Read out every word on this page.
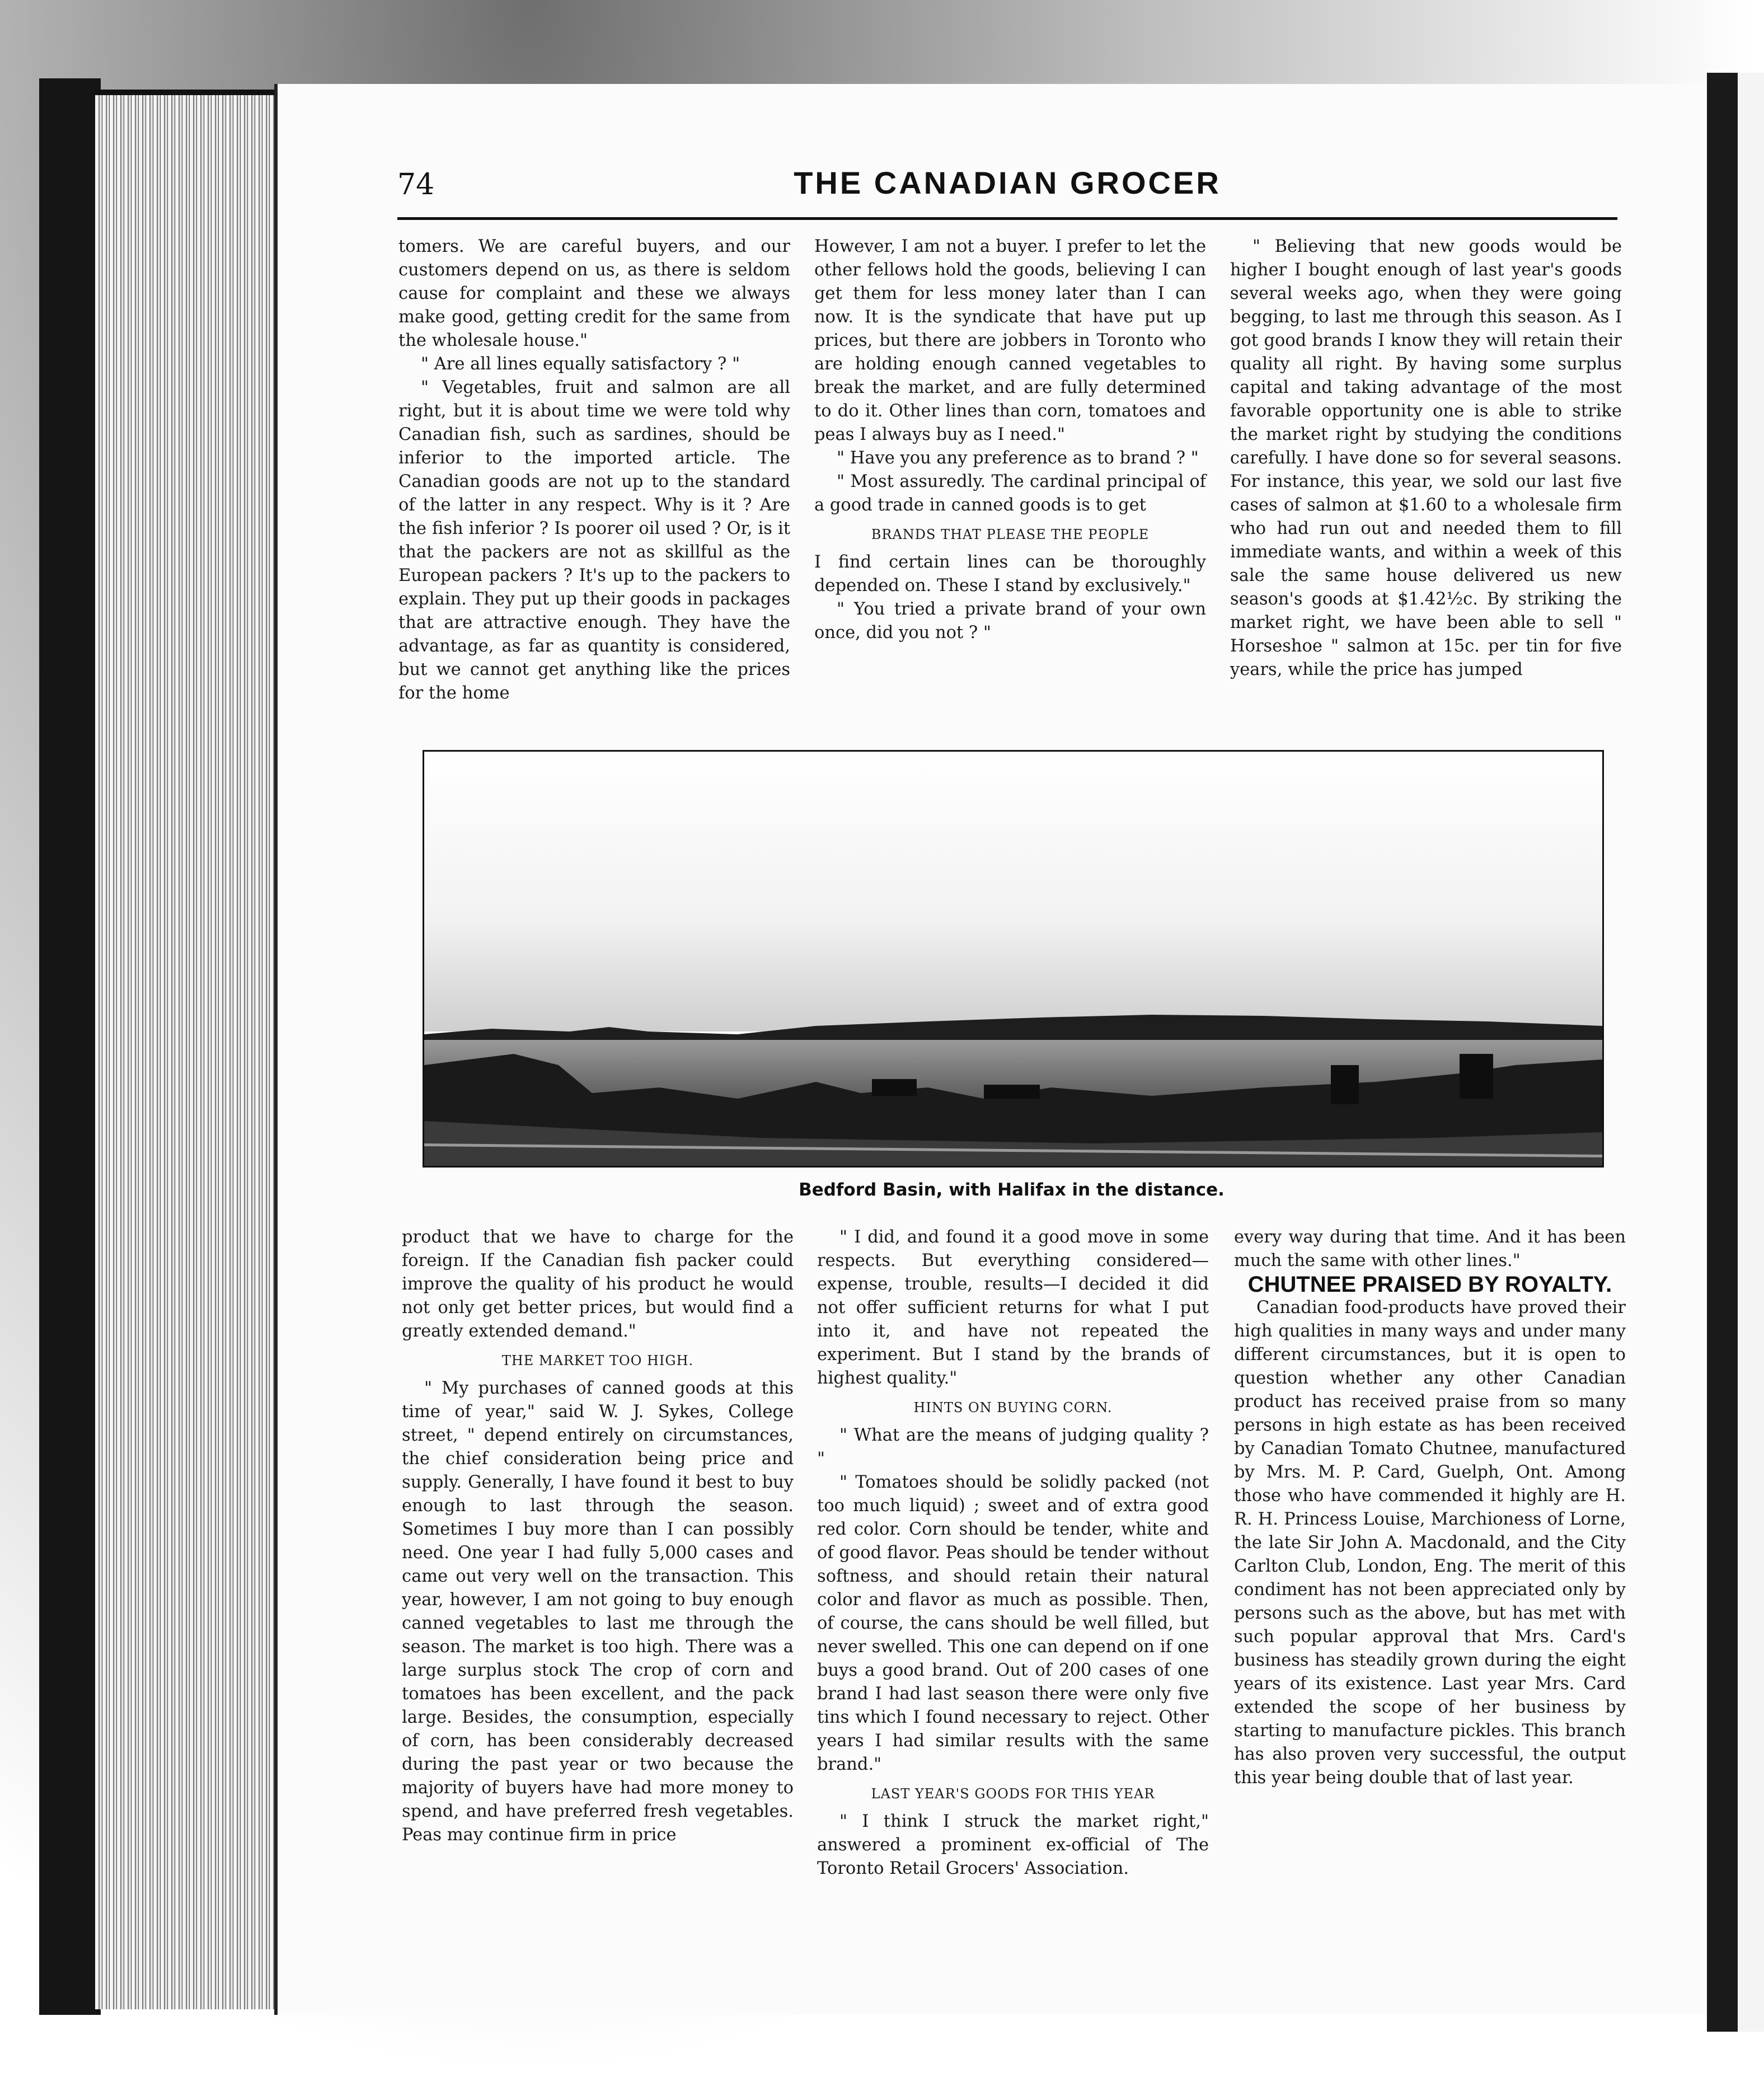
74	THE CANADIAN GROCER

tomers. We are careful buyers, and our customers depend on us, as there is seldom cause for complaint and these we always make good, getting credit for the same from the wholesale house."

" Are all lines equally satisfactory ? "

" Vegetables, fruit and salmon are all right, but it is about time we were told why Canadian fish, such as sardines, should be inferior to the imported article. The Canadian goods are not up to the standard of the latter in any respect. Why is it ? Are the fish inferior ? Is poorer oil used ? Or, is it that the packers are not as skillful as the European packers ? It's up to the packers to explain. They put up their goods in packages that are attractive enough. They have the advantage, as far as quantity is considered, but we cannot get anything like the prices for the home

However, I am not a buyer. I prefer to let the other fellows hold the goods, believing I can get them for less money later than I can now. It is the syndicate that have put up prices, but there are jobbers in Toronto who are holding enough canned vegetables to break the market, and are fully determined to do it. Other lines than corn, tomatoes and peas I always buy as I need."

" Have you any preference as to brand ? "

" Most assuredly. The cardinal principal of a good trade in canned goods is to get

BRANDS THAT PLEASE THE PEOPLE

I find certain lines can be thoroughly depended on. These I stand by exclusively."

" You tried a private brand of your own once, did you not ? "

" Believing that new goods would be higher I bought enough of last year's goods several weeks ago, when they were going begging, to last me through this season. As I got good brands I know they will retain their quality all right. By having some surplus capital and taking advantage of the most favorable opportunity one is able to strike the market right by studying the conditions carefully. I have done so for several seasons. For instance, this year, we sold our last five cases of salmon at $1.60 to a wholesale firm who had run out and needed them to fill immediate wants, and within a week of this sale the same house delivered us new season's goods at $1.42½c. By striking the market right, we have been able to sell " Horseshoe " salmon at 15c. per tin for five years, while the price has jumped

Bedford Basin, with Halifax in the distance.

product that we have to charge for the foreign. If the Canadian fish packer could improve the quality of his product he would not only get better prices, but would find a greatly extended demand."

THE MARKET TOO HIGH.

" My purchases of canned goods at this time of year," said W. J. Sykes, College street, " depend entirely on circumstances, the chief consideration being price and supply. Generally, I have found it best to buy enough to last through the season. Sometimes I buy more than I can possibly need. One year I had fully 5,000 cases and came out very well on the transaction. This year, however, I am not going to buy enough canned vegetables to last me through the season. The market is too high. There was a large surplus stock The crop of corn and tomatoes has been excellent, and the pack large. Besides, the consumption, especially of corn, has been considerably decreased during the past year or two because the majority of buyers have had more money to spend, and have preferred fresh vegetables. Peas may continue firm in price

" I did, and found it a good move in some respects. But everything considered—expense, trouble, results—I decided it did not offer sufficient returns for what I put into it, and have not repeated the experiment. But I stand by the brands of highest quality."

HINTS ON BUYING CORN.

" What are the means of judging quality ? "

" Tomatoes should be solidly packed (not too much liquid) ; sweet and of extra good red color. Corn should be tender, white and of good flavor. Peas should be tender without softness, and should retain their natural color and flavor as much as possible. Then, of course, the cans should be well filled, but never swelled. This one can depend on if one buys a good brand. Out of 200 cases of one brand I had last season there were only five tins which I found necessary to reject. Other years I had similar results with the same brand."

LAST YEAR'S GOODS FOR THIS YEAR

" I think I struck the market right," answered a prominent ex-official of The Toronto Retail Grocers' Association.

every way during that time. And it has been much the same with other lines."

CHUTNEE PRAISED BY ROYALTY.

Canadian food-products have proved their high qualities in many ways and under many different circumstances, but it is open to question whether any other Canadian product has received praise from so many persons in high estate as has been received by Canadian Tomato Chutnee, manufactured by Mrs. M. P. Card, Guelph, Ont. Among those who have commended it highly are H. R. H. Princess Louise, Marchioness of Lorne, the late Sir John A. Macdonald, and the City Carlton Club, London, Eng. The merit of this condiment has not been appreciated only by persons such as the above, but has met with such popular approval that Mrs. Card's business has steadily grown during the eight years of its existence. Last year Mrs. Card extended the scope of her business by starting to manufacture pickles. This branch has also proven very successful, the output this year being double that of last year.
